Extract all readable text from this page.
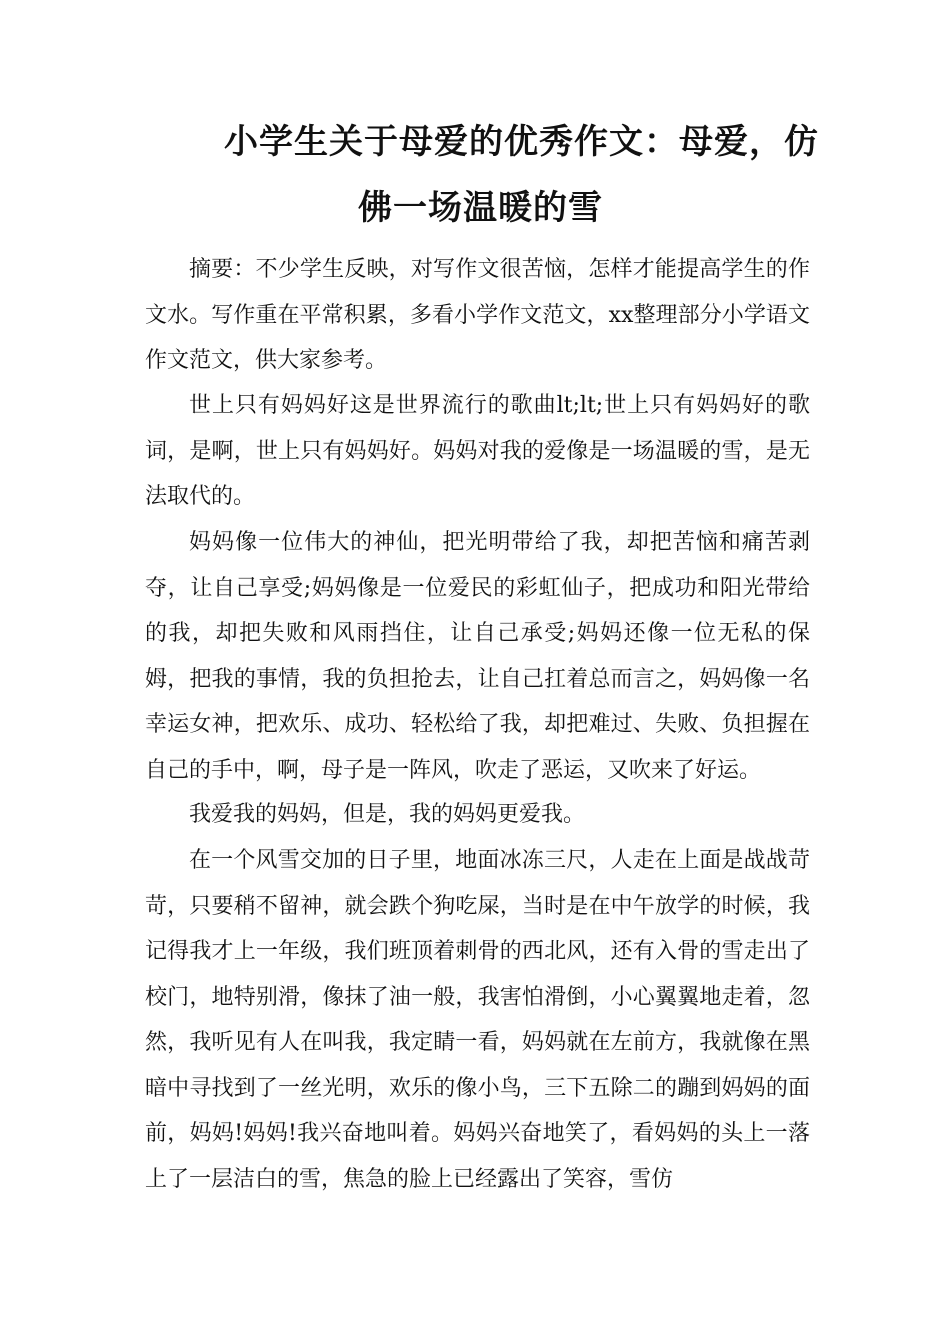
小学生关于母爱的优秀作文：母爱，仿
佛一场温暖的雪

摘要：不少学生反映，对写作文很苦恼，怎样才能提高学生的作文水。写作重在平常积累，多看小学作文范文，xx整理部分小学语文作文范文，供大家参考。

世上只有妈妈好这是世界流行的歌曲lt;lt;世上只有妈妈好的歌词，是啊，世上只有妈妈好。妈妈对我的爱像是一场温暖的雪，是无法取代的。

妈妈像一位伟大的神仙，把光明带给了我，却把苦恼和痛苦剥夺，让自己享受;妈妈像是一位爱民的彩虹仙子，把成功和阳光带给的我，却把失败和风雨挡住，让自己承受;妈妈还像一位无私的保姆，把我的事情，我的负担抢去，让自己扛着总而言之，妈妈像一名幸运女神，把欢乐、成功、轻松给了我，却把难过、失败、负担握在自己的手中，啊，母子是一阵风，吹走了恶运，又吹来了好运。

我爱我的妈妈，但是，我的妈妈更爱我。

在一个风雪交加的日子里，地面冰冻三尺，人走在上面是战战苛苛，只要稍不留神，就会跌个狗吃屎，当时是在中午放学的时候，我记得我才上一年级，我们班顶着刺骨的西北风，还有入骨的雪走出了校门，地特别滑，像抹了油一般，我害怕滑倒，小心翼翼地走着，忽然，我听见有人在叫我，我定睛一看，妈妈就在左前方，我就像在黑暗中寻找到了一丝光明，欢乐的像小鸟，三下五除二的蹦到妈妈的面前，妈妈!妈妈!我兴奋地叫着。妈妈兴奋地笑了，看妈妈的头上一落上了一层洁白的雪，焦急的脸上已经露出了笑容，雪仿
